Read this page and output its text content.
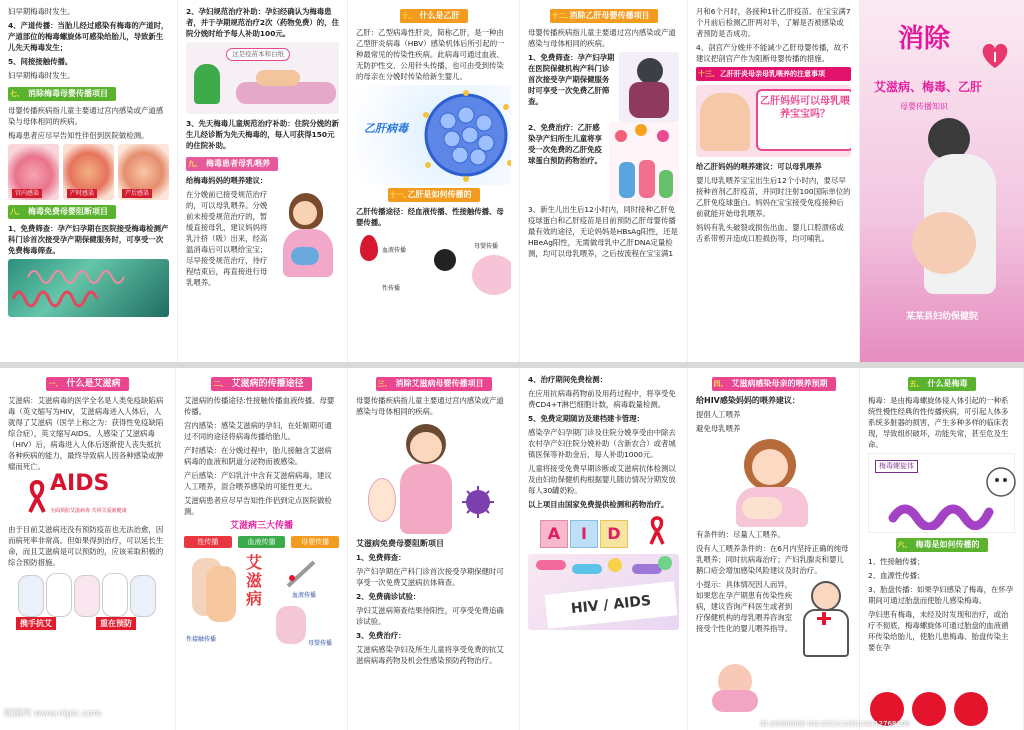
妇早期梅毒时发生。

4、产道传播：当胎儿经过感染有梅毒的产道时，产道部位的梅毒螺旋体可感染给胎儿，导致新生儿先天梅毒发生；

5、间接接触传播。

妇早期梅毒时发生。

七、 消除梅毒母婴传播项目

母婴传播疾病指儿童主要通过宫内感染或产道感染与母体相同的疾病。

梅毒患者应尽早告知性伴侣到医院做检测。

宫内感染	产时感染	产后感染
八、 梅毒免费母婴阻断项目

1、免费筛查：孕产妇孕期在医院接受梅毒检测产科门诊首次接受孕产期保健服务时，可享受一次免费梅毒筛查。

2、孕妇规范治疗补助：孕妇经确认为梅毒患者，并于孕期规范治疗2次（药物免费）的，住院分娩时给予每人补助100元。

这是疫苗本和白纸

3、先天梅毒儿童规范治疗补助：住院分娩的新生儿经诊断为先天梅毒的，每人可获得150元的住院补助。

九、 梅毒患者母乳喂养

给梅毒妈妈的喂养建议：

在分娩前已接受规范治疗的，可以母乳喂养。分娩前未接受规范治疗的，暂缓直接母乳，建议妈妈将乳汁挤（吸）出来，经高温消毒后可以喂给宝宝；尽早接受规范治疗，待疗程结束后，再直接进行母乳喂养。

十、 什么是乙肝

乙肝：乙型病毒性肝炎，简称乙肝，是一种由乙型肝炎病毒（HBV）感染机体后所引起的一种最常见的传染性疾病。此病毒可通过血液、无防护性交、公用针头传播，也可由受到传染的母亲在分娩时传染给新生婴儿。

乙肝病毒
十一、
乙肝是如何传播的

乙肝传播途径：经血液传播、性接触传播、母婴传播。

血液传播
母婴传播
性传播
十二、
消除乙肝母婴传播项目

母婴传播疾病指儿童主要通过宫内感染或产道感染与母体相同的疾病。

1、免费筛查：孕产妇孕期在医院保健机构产科门诊首次接受孕产期保健服务时可享受一次免费乙肝筛查。

2、免费治疗：乙肝感染孕产妇所生儿童将享受一次免费的乙肝免疫球蛋白预防药物治疗。

3、新生儿出生后12小时内，同时接种乙肝免疫球蛋白和乙肝疫苗是目前预防乙肝母婴传播最有效的途径，无论妈妈是HBsAg阳性，还是HBeAg阳性，无需做母乳中乙肝DNA定量检测，均可以母乳喂养，之后按流程在宝宝满1

月和6个月时，各接种1针乙肝疫苗。在宝宝满7个月前后检测乙肝两对半，了解是否被感染或者预防是否成功。

4、剖宫产分娩并不能减少乙肝母婴传播，故不建议把剖宫产作为阻断母婴传播的措施。

十三、 乙肝肝炎母亲母乳喂养的注意事项
乙肝妈妈可以母乳喂养宝宝吗？

给乙肝妈妈的喂养建议：可以母乳喂养

婴儿母乳喂养宝宝出生后12个小时内，要尽早接种首剂乙肝疫苗，并同时注射100国际单位的乙肝免疫球蛋白。妈妈在宝宝接受免疫接种后前就能开始母乳喂养。

妈妈有乳头破裂或损伤出血、婴儿口腔溃疡或舌系带剪开造成口腔损伤等，均可哺乳。

消除
艾滋病、梅毒、乙肝
母婴传播知识
某某县妇幼保健院
一、 什么是艾滋病

艾滋病：艾滋病毒的医学全名是人类免疫缺陷病毒（英文缩写为HIV，艾滋病毒进入人体后，人就得了艾滋病（医学上称之为：获得性免疫缺陷综合症），英文缩写AIDS。人感染了艾滋病毒（HIV）后，病毒进入人体后逐渐使人丧失抵抗各种疾病的能力，最终导致病人因各种感染或肿瘤而死亡。

AIDS
全面预防艾滋病毒 共同关爱新健康

由于目前艾滋病还没有预防疫苗也无法治愈，因而病死率非常高。但如果得到治疗，可以延长生命，而且艾滋病是可以预防的，应该采取积极的综合预防措施。

携手抗艾	重在预防
二、 艾滋病的传播途径

艾滋病的传播途径:性接触传播血液传播、母婴传播。

宫内感染：感染艾滋病的孕妇，在妊娠期可通过不同的途径将病毒传播给胎儿。

产时感染：在分娩过程中，胎儿接触含艾滋病病毒的血液和阴道分泌物而被感染。

产后感染：产妇乳汁中含有艾滋病病毒，建议人工喂养，混合喂养感染的可能性更大。

艾滋病患者应尽早告知性伴侣到定点医院做检测。

艾滋病三大传播
性传播	血液传播	母婴传播
艾滋病	血液传播
性接触传播
母婴传播
三、 消除艾滋病母婴传播项目

母婴传播疾病指儿童主要通过宫内感染或产道感染与母体相同的疾病。

艾滋病免费母婴阻断项目

1、免费筛查：

孕产妇孕期在产科门诊首次接受孕期保健时可享受一次免费艾滋病抗体筛查。

2、免费确诊试验：

孕妇艾滋病筛查结果待阳性，可享受免费追确诊试验。

3、免费治疗：

艾滋病感染孕妇及所生儿童将享受免费的抗艾滋病病毒药物及机会性感染预防药物治疗。

4、治疗期间免费检测：

在应用抗病毒药物前及用药过程中，将享受免费CD4+T淋巴细胞计数，病毒载量检测。

5、免费定期随访及建档建卡管理：

感染孕产妇孕期门诊及住院分娩享受由中除去农村孕产妇住院分娩补助（含新农合）或者城镇医保等补助金后，每人补助1000元。

儿童将接受免费早期诊断或艾滋病抗体检测以及由妇幼保健机构根据婴儿随访情况分期发放每人30罐奶粉。

以上项目由国家免费提供检测和药物治疗。

A	I	D
HIV / AIDS
四、 艾滋病感染母亲的喂养预期

给HIV感染妈妈的喂养建议：

提倡人工喂养

避免母乳喂养

有条件的：尽量人工喂养。

没有人工喂养条件的：在6月内坚持正确的纯母乳喂养；同时抗病毒治疗；产妇乳腺炎和婴儿鹅口疮会增加感染风险建议及时治疗。

小提示：具体情况因人而异，如果您在孕产期患有传染性疾病，建议咨询产科医生或者到疗保健机构的母乳喂养咨询室接受个性化的婴儿喂养指导。

五、 什么是梅毒

梅毒：是由梅毒螺旋体侵入体引起的一种系统性慢性经典的性传播疾病，可引起人体多系统多脏器的损害，产生多种多样的临床表现，导致组织破坏，功能失常，甚至危及生命。

梅毒螺旋体
六、 梅毒是如何传播的

1、性接触传播；

2、血源性传播；

3、胎盘传播：如果孕妇感染了梅毒，在怀孕期间可通过胎盘而使胎儿感染梅毒。

孕妇患有梅毒，未经及时发现和治疗，或治疗不彻底，梅毒螺旋体可通过胎盘的血液循环传染给胎儿，使胎儿患梅毒、胎盘传染主要在孕

昵图网 www.nipic.com
ID:26680685 NO:20231103124412768100
